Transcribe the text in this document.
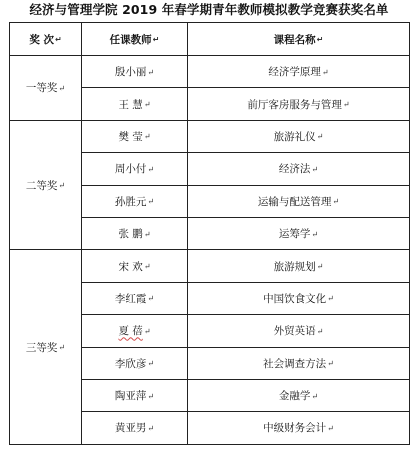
经济与管理学院 2019 年春学期青年教师模拟教学竞赛获奖名单
奖 次↵	任课教师↵	课程名称↵
一等奖↵	殷小丽↵	经济学原理↵
	王 慧↵	前厅客房服务与管理↵
二等奖↵	樊 莹↵	旅游礼仪↵
	周小付↵	经济法↵
	孙胜元↵	运输与配送管理↵
	张 鹏↵	运筹学↵
三等奖↵	宋 欢↵	旅游规划↵
	李红霞↵	中国饮食文化↵
	夏 蓓↵	外贸英语↵
	李欣彦↵	社会调查方法↵
	陶亚萍↵	金融学↵
	黄亚男↵	中级财务会计↵
